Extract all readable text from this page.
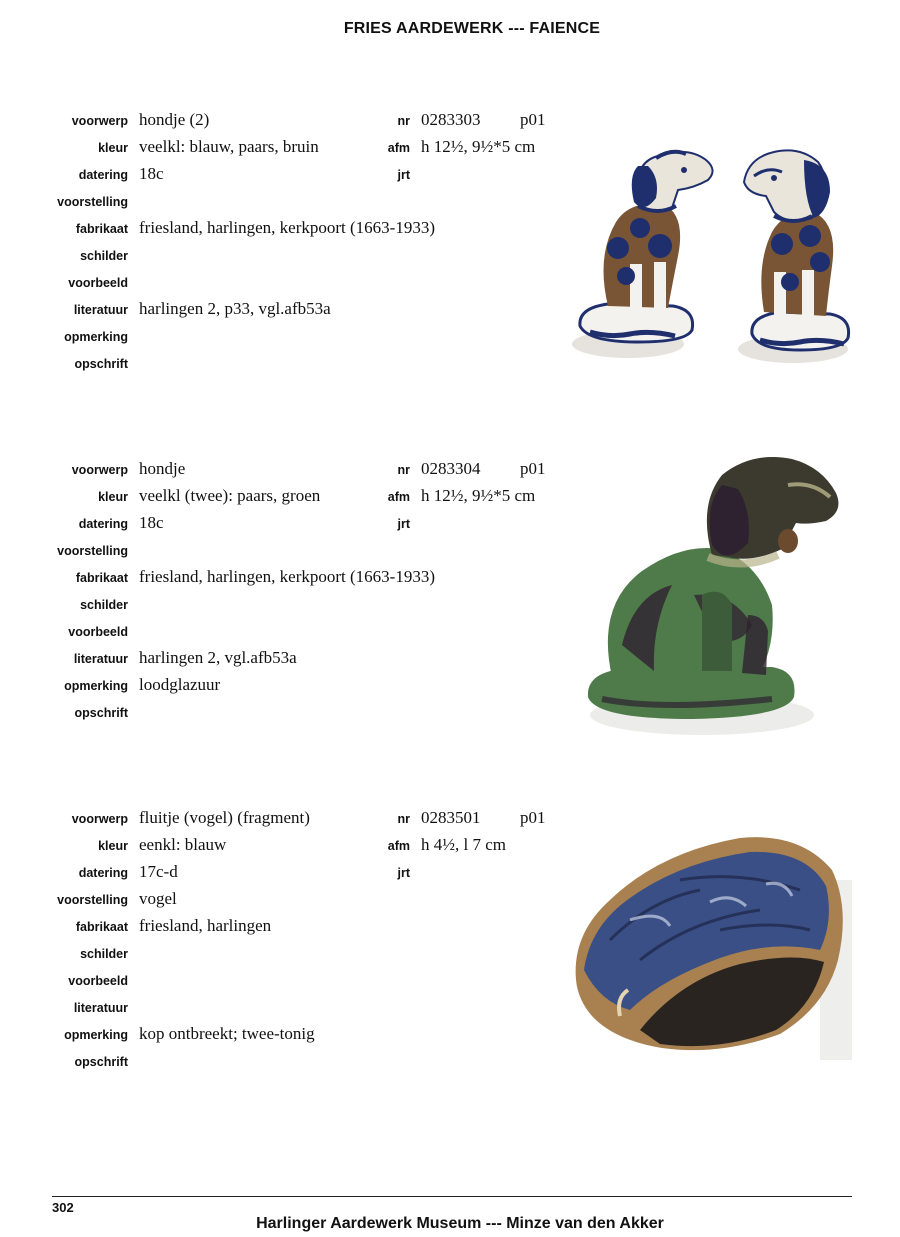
FRIES AARDEWERK --- FAIENCE
voorwerp hondje (2)
kleur veelkl: blauw, paars, bruin
datering 18c
voorstelling
fabrikaat friesland, harlingen, kerkpoort (1663-1933)
schilder
voorbeeld
literatuur harlingen 2, p33, vgl.afb53a
opmerking
opschrift
nr 0283303 p01
afm h 12½, 9½*5 cm
jrt
voorwerp hondje
kleur veelkl (twee): paars, groen
datering 18c
voorstelling
fabrikaat friesland, harlingen, kerkpoort (1663-1933)
schilder
voorbeeld
literatuur harlingen 2, vgl.afb53a
opmerking loodglazuur
opschrift
nr 0283304 p01
afm h 12½, 9½*5 cm
jrt
voorwerp fluitje (vogel) (fragment)
kleur eenkl: blauw
datering 17c-d
voorstelling vogel
fabrikaat friesland, harlingen
schilder
voorbeeld
literatuur
opmerking kop ontbreekt; twee-tonig
opschrift
nr 0283501 p01
afm h 4½, l 7 cm
jrt
302
Harlinger Aardewerk Museum --- Minze van den Akker
